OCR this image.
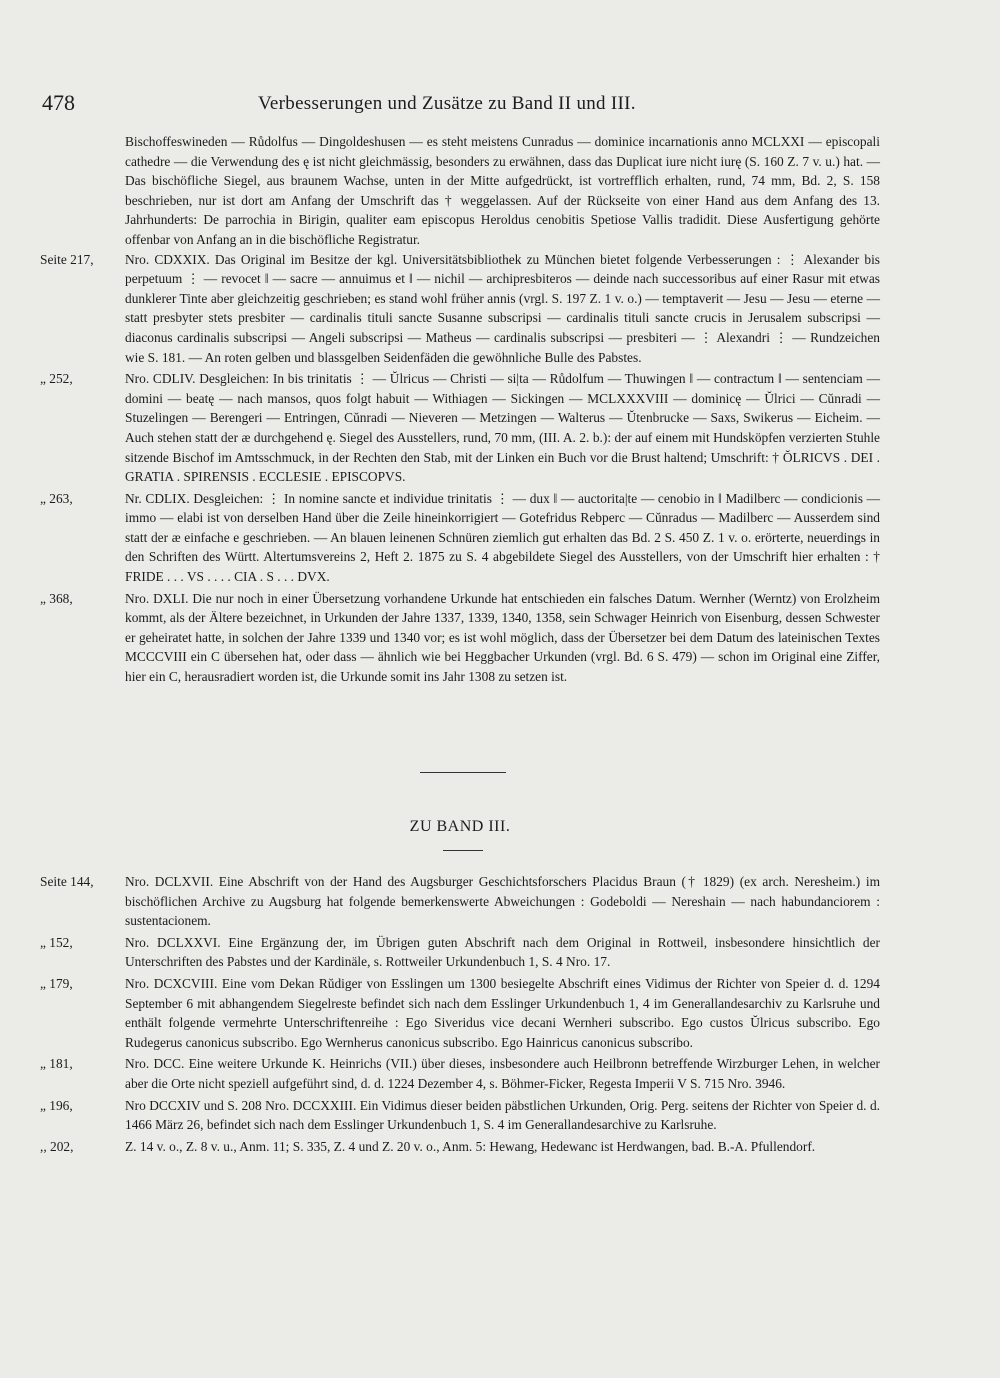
478	Verbesserungen und Zusätze zu Band II und III.
Bischoffeswineden — Růdolfus — Dingoldeshusen — es steht meistens Cunradus — dominice incarnationis anno MCLXXI — episcopali cathedre — die Verwendung des ę ist nicht gleichmässig, besonders zu erwähnen, dass das Duplicat iure nicht iurę (S. 160 Z. 7 v. u.) hat. — Das bischöfliche Siegel, aus braunem Wachse, unten in der Mitte aufgedrückt, ist vortrefflich erhalten, rund, 74 mm, Bd. 2, S. 158 beschrieben, nur ist dort am Anfang der Umschrift das † weggelassen. Auf der Rückseite von einer Hand aus dem Anfang des 13. Jahrhunderts: De parrochia in Birigin, qualiter eam episcopus Heroldus cenobitis Spetiose Vallis tradidit. Diese Ausfertigung gehörte offenbar von Anfang an in die bischöfliche Registratur.
Seite 217,	Nro. CDXXIX. Das Original im Besitze der kgl. Universitätsbibliothek zu München bietet folgende Verbesserungen : ⋮ Alexander bis perpetuum ⋮ — revocet ‖ — sacre — annuimus et ‖ — nichil — archipresbiteros — deinde nach successoribus auf einer Rasur mit etwas dunklerer Tinte aber gleichzeitig geschrieben; es stand wohl früher annis (vrgl. S. 197 Z. 1 v. o.) — temptaverit — Jesu — Jesu — eterne — statt presbyter stets presbiter — cardinalis tituli sancte Susanne subscripsi — cardinalis tituli sancte crucis in Jerusalem subscripsi — diaconus cardinalis subscripsi — Angeli subscripsi — Matheus — cardinalis subscripsi — presbiteri — ⋮ Alexandri ⋮ — Rundzeichen wie S. 181. — An roten gelben und blassgelben Seidenfäden die gewöhnliche Bulle des Pabstes.
„ 252,	Nro. CDLIV. Desgleichen: In bis trinitatis ⋮ — Ŭlricus — Christi — si|ta — Růdolfum — Thuwingen ‖ — contractum ‖ — sentenciam — domini — beatę — nach mansos, quos folgt habuit — Withiagen — Sickingen — MCLXXXVIII — dominicę — Ŭlrici — Cŭnradi — Stuzelingen — Berengeri — Entringen, Cŭnradi — Nieveren — Metzingen — Walterus — Ŭtenbrucke — Saxs, Swikerus — Eicheim. — Auch stehen statt der æ durchgehend ę. Siegel des Ausstellers, rund, 70 mm, (III. A. 2. b.): der auf einem mit Hundsköpfen verzierten Stuhle sitzende Bischof im Amtsschmuck, in der Rechten den Stab, mit der Linken ein Buch vor die Brust haltend; Umschrift: † ŎLRICVS . DEI . GRATIA . SPIRENSIS . ECCLESIE . EPISCOPVS.
„ 263,	Nr. CDLIX. Desgleichen: ⋮ In nomine sancte et individue trinitatis ⋮ — dux ‖ — auctorita|te — cenobio in ‖ Madilberc — condicionis — immo — elabi ist von derselben Hand über die Zeile hineinkorrigiert — Gotefridus Rebperc — Cŭnradus — Madilberc — Ausserdem sind statt der æ einfache e geschrieben. — An blauen leinenen Schnüren ziemlich gut erhalten das Bd. 2 S. 450 Z. 1 v. o. erörterte, neuerdings in den Schriften des Württ. Altertumsvereins 2, Heft 2. 1875 zu S. 4 abgebildete Siegel des Ausstellers, von der Umschrift hier erhalten : † FRIDE . . . VS . . . . CIA . S . . . DVX.
„ 368,	Nro. DXLI. Die nur noch in einer Übersetzung vorhandene Urkunde hat entschieden ein falsches Datum. Wernher (Werntz) von Erolzheim kommt, als der Ältere bezeichnet, in Urkunden der Jahre 1337, 1339, 1340, 1358, sein Schwager Heinrich von Eisenburg, dessen Schwester er geheiratet hatte, in solchen der Jahre 1339 und 1340 vor; es ist wohl möglich, dass der Übersetzer bei dem Datum des lateinischen Textes MCCCVIII ein C übersehen hat, oder dass — ähnlich wie bei Heggbacher Urkunden (vrgl. Bd. 6 S. 479) — schon im Original eine Ziffer, hier ein C, herausradiert worden ist, die Urkunde somit ins Jahr 1308 zu setzen ist.
ZU BAND III.
Seite 144,	Nro. DCLXVII. Eine Abschrift von der Hand des Augsburger Geschichtsforschers Placidus Braun († 1829) (ex arch. Neresheim.) im bischöflichen Archive zu Augsburg hat folgende bemerkenswerte Abweichungen : Godeboldi — Nereshain — nach habundanciorem : sustentacionem.
„ 152,	Nro. DCLXXVI. Eine Ergänzung der, im Übrigen guten Abschrift nach dem Original in Rottweil, insbesondere hinsichtlich der Unterschriften des Pabstes und der Kardinäle, s. Rottweiler Urkundenbuch 1, S. 4 Nro. 17.
„ 179,	Nro. DCXCVIII. Eine vom Dekan Rŭdiger von Esslingen um 1300 besiegelte Abschrift eines Vidimus der Richter von Speier d. d. 1294 September 6 mit abhangendem Siegelreste befindet sich nach dem Esslinger Urkundenbuch 1, 4 im Generallandesarchiv zu Karlsruhe und enthält folgende vermehrte Unterschriftenreihe : Ego Siveridus vice decani Wernheri subscribo. Ego custos Ŭlricus subscribo. Ego Rudegerus canonicus subscribo. Ego Wernherus canonicus subscribo. Ego Hainricus canonicus subscribo.
„ 181,	Nro. DCC. Eine weitere Urkunde K. Heinrichs (VII.) über dieses, insbesondere auch Heilbronn betreffende Wirzburger Lehen, in welcher aber die Orte nicht speziell aufgeführt sind, d. d. 1224 Dezember 4, s. Böhmer-Ficker, Regesta Imperii V S. 715 Nro. 3946.
„ 196,	Nro DCCXIV und S. 208 Nro. DCCXXIII. Ein Vidimus dieser beiden päbstlichen Urkunden, Orig. Perg. seitens der Richter von Speier d. d. 1466 März 26, befindet sich nach dem Esslinger Urkundenbuch 1, S. 4 im Generallandesarchive zu Karlsruhe.
,, 202,	Z. 14 v. o., Z. 8 v. u., Anm. 11; S. 335, Z. 4 und Z. 20 v. o., Anm. 5: Hewang, Hedewanc ist Herdwangen, bad. B.-A. Pfullendorf.
